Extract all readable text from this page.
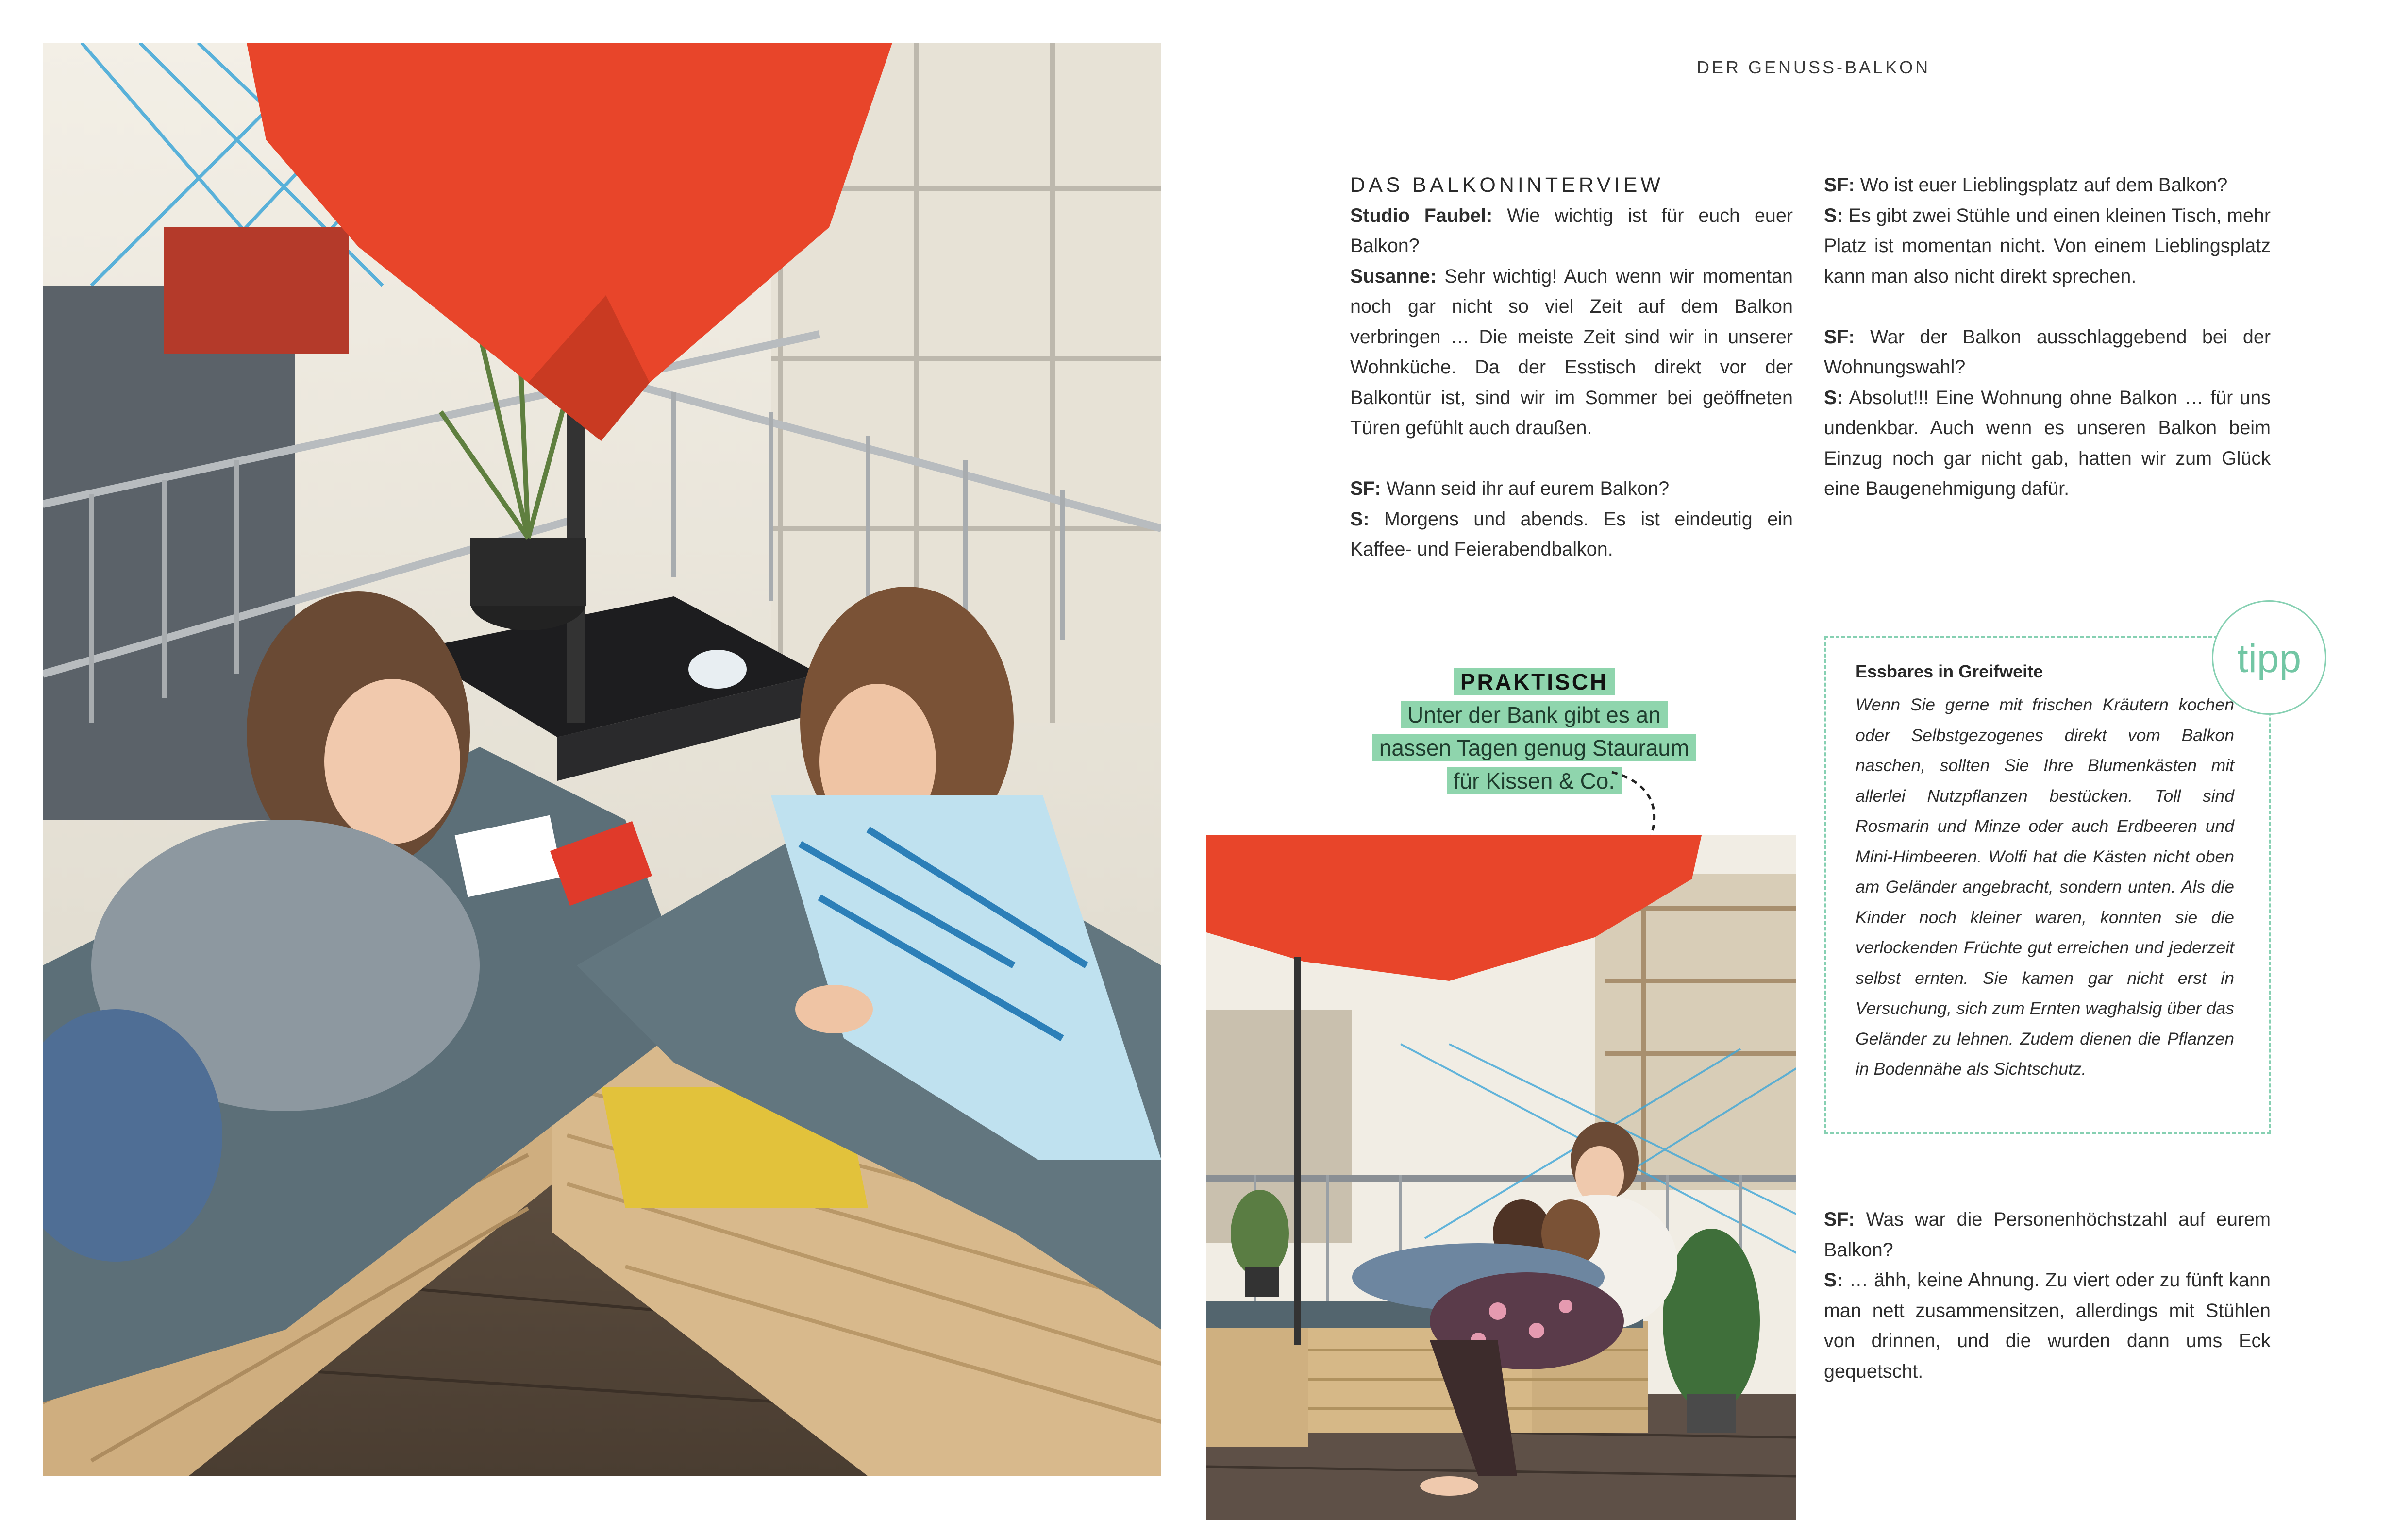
DER GENUSS-BALKON
DAS BALKONINTERVIEW

Studio Faubel: Wie wichtig ist für euch euer Balkon?

Susanne: Sehr wichtig! Auch wenn wir momentan noch gar nicht so viel Zeit auf dem Balkon verbringen … Die meiste Zeit sind wir in unserer Wohnküche. Da der Esstisch direkt vor der Balkontür ist, sind wir im Sommer bei geöffneten Türen gefühlt auch draußen.

SF: Wann seid ihr auf eurem Balkon?

S: Morgens und abends. Es ist eindeutig ein Kaffee- und Feierabendbalkon.

SF: Wo ist euer Lieblingsplatz auf dem Balkon?

S: Es gibt zwei Stühle und einen kleinen Tisch, mehr Platz ist momentan nicht. Von einem Lieblingsplatz kann man also nicht direkt sprechen.

SF: War der Balkon ausschlaggebend bei der Wohnungswahl?

S: Absolut!!! Eine Wohnung ohne Balkon … für uns undenkbar. Auch wenn es unseren Balkon beim Einzug noch gar nicht gab, hatten wir zum Glück eine Baugenehmigung dafür.

PRAKTISCH
Unter der Bank gibt es an
nassen Tagen genug Stauraum
für Kissen & Co.
tipp
Essbares in Greifweite

Wenn Sie gerne mit frischen Kräutern kochen oder Selbstgezogenes direkt vom Balkon naschen, sollten Sie Ihre Blumenkästen mit allerlei Nutzpflanzen bestücken. Toll sind Rosmarin und Minze oder auch Erdbeeren und Mini-Himbeeren. Wolfi hat die Kästen nicht oben am Geländer angebracht, sondern unten. Als die Kinder noch kleiner waren, konnten sie die verlockenden Früchte gut erreichen und jederzeit selbst ernten. Sie kamen gar nicht erst in Versuchung, sich zum Ernten waghalsig über das Geländer zu lehnen. Zudem dienen die Pflanzen in Bodennähe als Sichtschutz.

SF: Was war die Personenhöchstzahl auf eurem Balkon?

S: … ähh, keine Ahnung. Zu viert oder zu fünft kann man nett zusammensitzen, allerdings mit Stühlen von drinnen, und die wurden dann ums Eck gequetscht.
